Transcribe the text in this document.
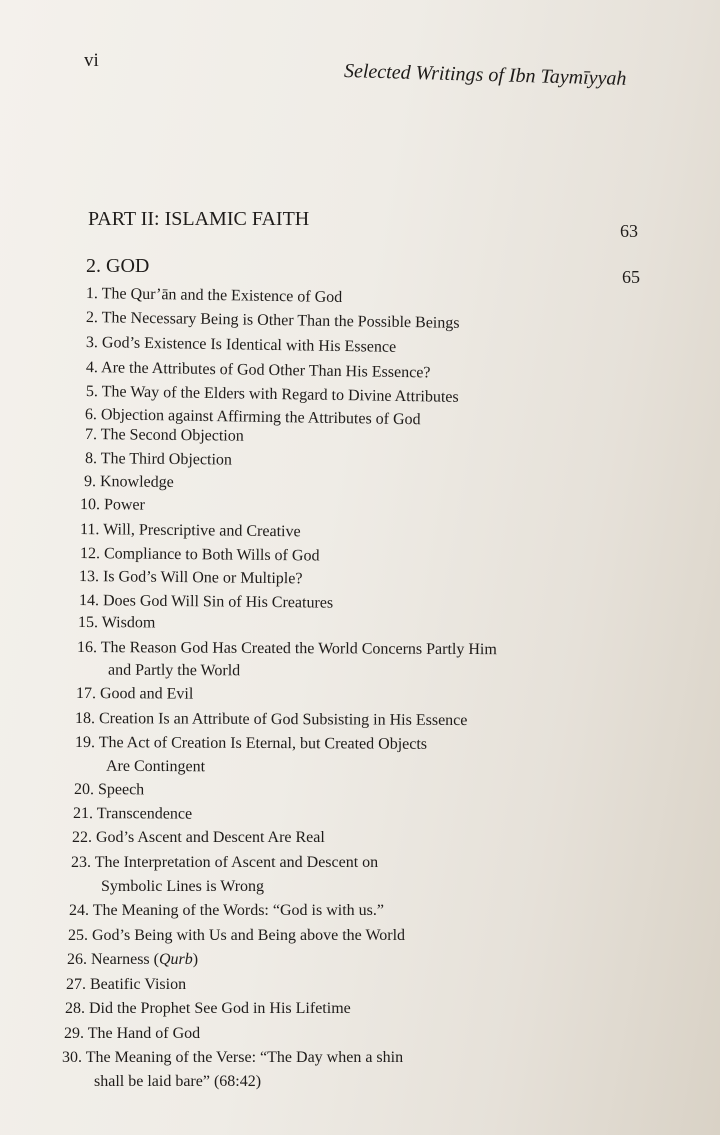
vi	Selected Writings of Ibn Taymīyyah
PART II: ISLAMIC FAITH
63
2. GOD	65
1. The Qur’ān and the Existence of God
2. The Necessary Being is Other Than the Possible Beings
3. God’s Existence Is Identical with His Essence
4. Are the Attributes of God Other Than His Essence?
5. The Way of the Elders with Regard to Divine Attributes
6. Objection against Affirming the Attributes of God
7. The Second Objection
8. The Third Objection
9. Knowledge
10. Power
11. Will, Prescriptive and Creative
12. Compliance to Both Wills of God
13. Is God’s Will One or Multiple?
14. Does God Will Sin of His Creatures
15. Wisdom
16. The Reason God Has Created the World Concerns Partly Him
and Partly the World
17. Good and Evil
18. Creation Is an Attribute of God Subsisting in His Essence
19. The Act of Creation Is Eternal, but Created Objects
Are Contingent
20. Speech
21. Transcendence
22. God’s Ascent and Descent Are Real
23. The Interpretation of Ascent and Descent on
Symbolic Lines is Wrong
24. The Meaning of the Words: “God is with us.”
25. God’s Being with Us and Being above the World
26. Nearness (Qurb)
27. Beatific Vision
28. Did the Prophet See God in His Lifetime
29. The Hand of God
30. The Meaning of the Verse: “The Day when a shin
shall be laid bare” (68:42)
